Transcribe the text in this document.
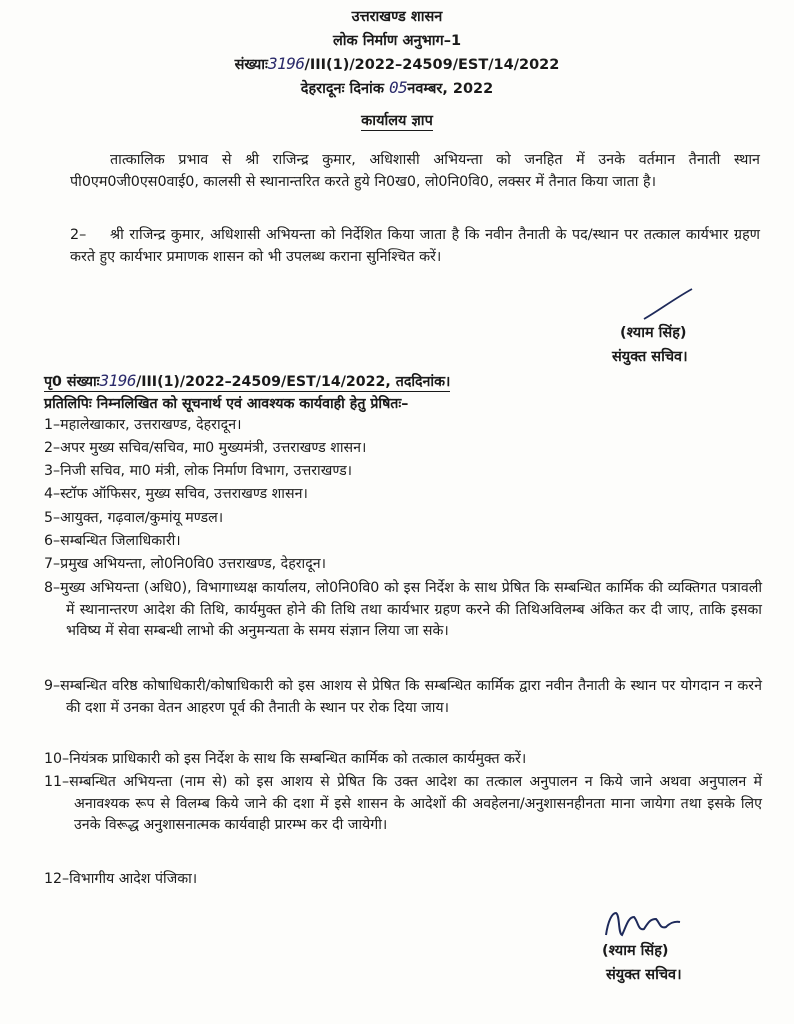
उत्तराखण्ड शासन
लोक निर्माण अनुभाग–1
संख्याः3196/III(1)/2022–24509/EST/14/2022
देहरादूनः दिनांक 05नवम्बर, 2022
कार्यालय ज्ञाप
तात्कालिक प्रभाव से श्री राजिन्द्र कुमार, अधिशासी अभियन्ता को जनहित में उनके वर्तमान तैनाती स्थान पी0एम0जी0एस0वाई0, कालसी से स्थानान्तरित करते हुये नि0ख0, लो0नि0वि0, लक्सर में तैनात किया जाता है।
2–	श्री राजिन्द्र कुमार, अधिशासी अभियन्ता को निर्देशित किया जाता है कि नवीन तैनाती के पद/स्थान पर तत्काल कार्यभार ग्रहण करते हुए कार्यभार प्रमाणक शासन को भी उपलब्ध कराना सुनिश्चित करें।
(श्याम सिंह)
संयुक्त सचिव।
पृ0 संख्याः3196/III(1)/2022–24509/EST/14/2022, तददिनांक।
प्रतिलिपिः निम्नलिखित को सूचनार्थ एवं आवश्यक कार्यवाही हेतु प्रेषितः–
1–महालेखाकार, उत्तराखण्ड, देहरादून।
2–अपर मुख्य सचिव/सचिव, मा0 मुख्यमंत्री, उत्तराखण्ड शासन।
3–निजी सचिव, मा0 मंत्री, लोक निर्माण विभाग, उत्तराखण्ड।
4–स्टॉफ ऑफिसर, मुख्य सचिव, उत्तराखण्ड शासन।
5–आयुक्त, गढ़वाल/कुमांयू मण्डल।
6–सम्बन्धित जिलाधिकारी।
7–प्रमुख अभियन्ता, लो0नि0वि0 उत्तराखण्ड, देहरादून।
8–मुख्य अभियन्ता (अधि0), विभागाध्यक्ष कार्यालय, लो0नि0वि0 को इस निर्देश के साथ प्रेषित कि सम्बन्धित कार्मिक की व्यक्तिगत पत्रावली में स्थानान्तरण आदेश की तिथि, कार्यमुक्त होने की तिथि तथा कार्यभार ग्रहण करने की तिथिअविलम्ब अंकित कर दी जाए, ताकि इसका भविष्य में सेवा सम्बन्धी लाभो की अनुमन्यता के समय संज्ञान लिया जा सके।
9–सम्बन्धित वरिष्ठ कोषाधिकारी/कोषाधिकारी को इस आशय से प्रेषित कि सम्बन्धित कार्मिक द्वारा नवीन तैनाती के स्थान पर योगदान न करने की दशा में उनका वेतन आहरण पूर्व की तैनाती के स्थान पर रोक दिया जाय।
10–नियंत्रक प्राधिकारी को इस निर्देश के साथ कि सम्बन्धित कार्मिक को तत्काल कार्यमुक्त करें।
11–सम्बन्धित अभियन्ता (नाम से) को इस आशय से प्रेषित कि उक्त आदेश का तत्काल अनुपालन न किये जाने अथवा अनुपालन में अनावश्यक रूप से विलम्ब किये जाने की दशा में इसे शासन के आदेशों की अवहेलना/अनुशासनहीनता माना जायेगा तथा इसके लिए उनके विरूद्ध अनुशासनात्मक कार्यवाही प्रारम्भ कर दी जायेगी।
12–विभागीय आदेश पंजिका।
(श्याम सिंह)
संयुक्त सचिव।
